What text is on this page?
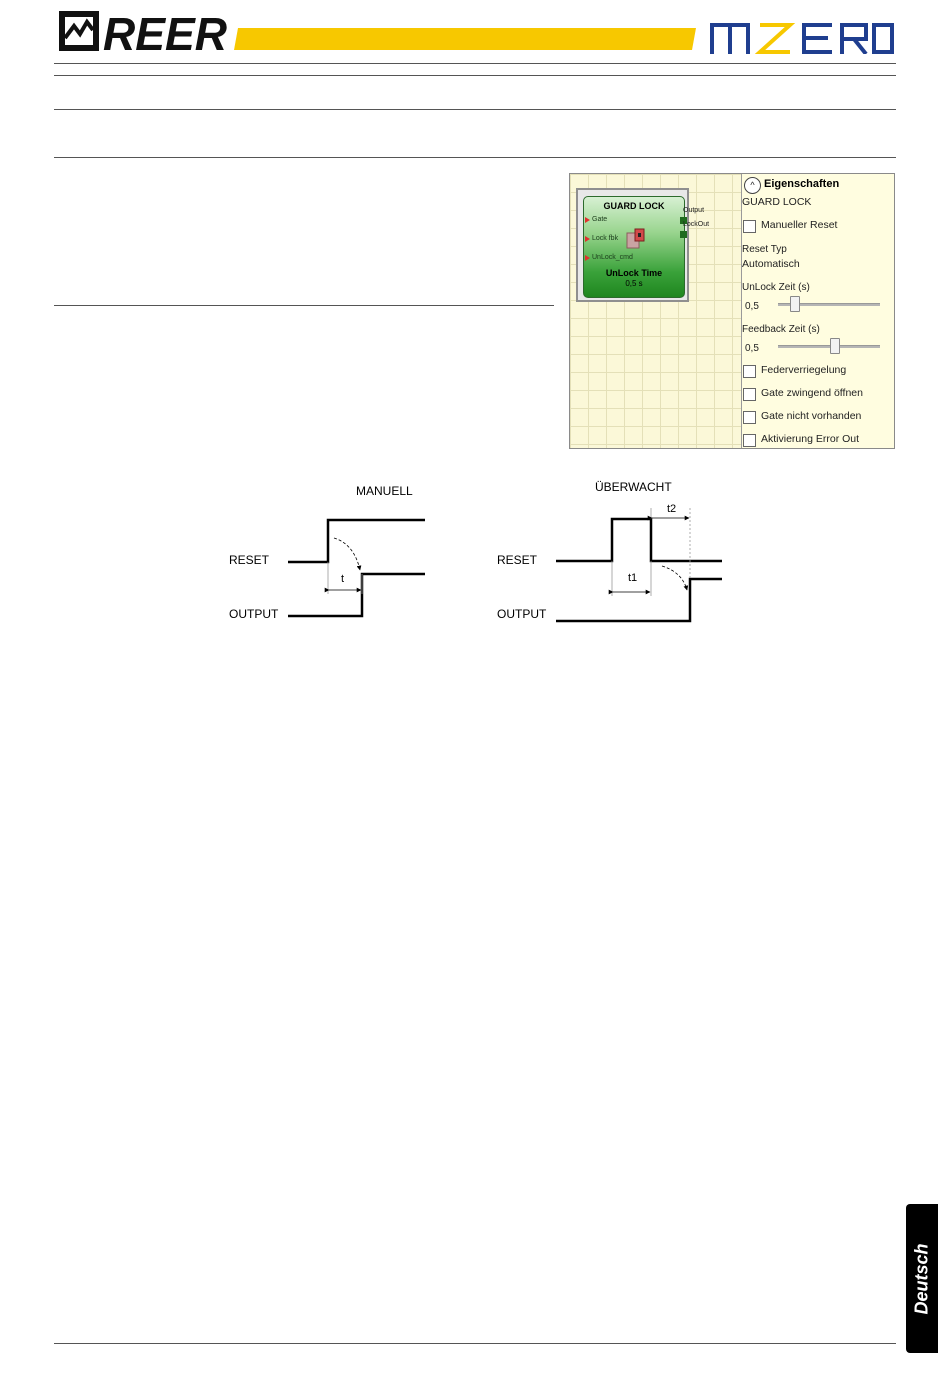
REER
GUARD LOCK
Gate
Lock fbk
UnLock_cmd
UnLock Time
0,5 s
Output
LockOut
^ Eigenschaften
GUARD LOCK
Manueller Reset
Reset Typ
Automatisch
UnLock Zeit (s)
0,5
Feedback Zeit (s)
0,5
Federverriegelung
Gate zwingend öffnen
Gate nicht vorhanden
Aktivierung Error Out
MANUELL
RESET
OUTPUT
t
ÜBERWACHT
RESET
OUTPUT
t1
t2
Deutsch
